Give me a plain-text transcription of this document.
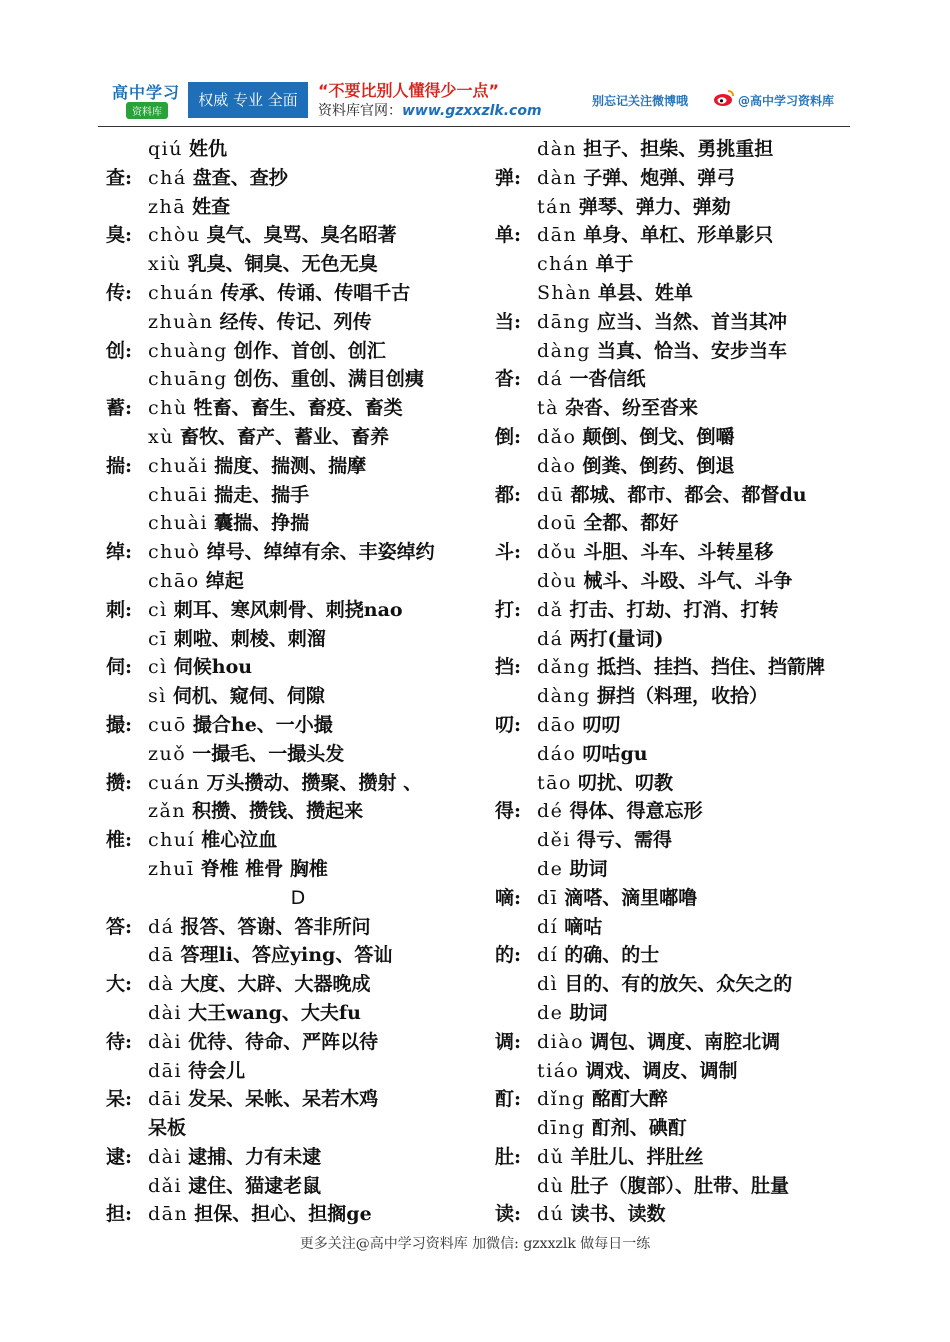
高中学习
资料库
权威 专业 全面	“不要比别人懂得少一点”
资料库官网：www.gzxxzlk.com
别忘记关注微博哦	@高中学习资料库
qiú 姓仇
查: chá 盘查、查抄
zhā 姓查
臭: chòu 臭气、臭骂、臭名昭著
xiù 乳臭、铜臭、无色无臭
传: chuán 传承、传诵、传唱千古
zhuàn 经传、传记、列传
创: chuàng 创作、首创、创汇
chuāng 创伤、重创、满目创痍
蓄: chù 牲畜、畜生、畜疫、畜类
xù 畜牧、畜产、蓄业、畜养
揣: chuǎi 揣度、揣测、揣摩
chuāi 揣走、揣手
chuài 囊揣、挣揣
绰: chuò 绰号、绰绰有余、丰姿绰约
chāo 绰起
刺: cì 刺耳、寒风刺骨、刺挠nao
cī 刺啦、刺棱、刺溜
伺: cì 伺候hou
sì 伺机、窥伺、伺隙
撮: cuō 撮合he、一小撮
zuǒ 一撮毛、一撮头发
攒: cuán 万头攒动、攒聚、攒射 、
zǎn 积攒、攒钱、攒起来
椎: chuí 椎心泣血
zhuī 脊椎 椎骨 胸椎
D
答: dá 报答、答谢、答非所问
dā 答理li、答应ying、答讪
大: dà 大度、大辟、大器晚成
dài 大王wang、大夫fu
待: dài 优待、待命、严阵以待
dāi 待会儿
呆: dāi 发呆、呆帐、呆若木鸡
呆板
逮: dài 逮捕、力有未逮
dǎi 逮住、猫逮老鼠
担: dān 担保、担心、担搁ge
dàn 担子、担柴、勇挑重担
弹: dàn 子弹、炮弹、弹弓
tán 弹琴、弹力、弹劾
单: dān 单身、单杠、形单影只
chán 单于
Shàn 单县、姓单
当: dāng 应当、当然、首当其冲
dàng 当真、恰当、安步当车
沓: dá 一沓信纸
tà 杂沓、纷至沓来
倒: dǎo 颠倒、倒戈、倒嚼
dào 倒粪、倒药、倒退
都: dū 都城、都市、都会、都督du
doū 全都、都好
斗: dǒu 斗胆、斗车、斗转星移
dòu 械斗、斗殴、斗气、斗争
打: dǎ 打击、打劫、打消、打转
dá 两打(量词)
挡: dǎng 抵挡、挂挡、挡住、挡箭牌
dàng 摒挡（料理，收拾）
叨: dāo 叨叨
dáo 叨咕gu
tāo 叨扰、叨教
得: dé 得体、得意忘形
děi 得亏、需得
de 助词
嘀: dī 滴嗒、滴里嘟噜
dí 嘀咕
的: dí 的确、的士
dì 目的、有的放矢、众矢之的
de 助词
调: diào 调包、调度、南腔北调
tiáo 调戏、调皮、调制
酊: dǐng 酩酊大醉
dīng 酊剂、碘酊
肚: dǔ 羊肚儿、拌肚丝
dù 肚子（腹部）、肚带、肚量
读: dú 读书、读数
更多关注@高中学习资料库 加微信: gzxxzlk 做每日一练
